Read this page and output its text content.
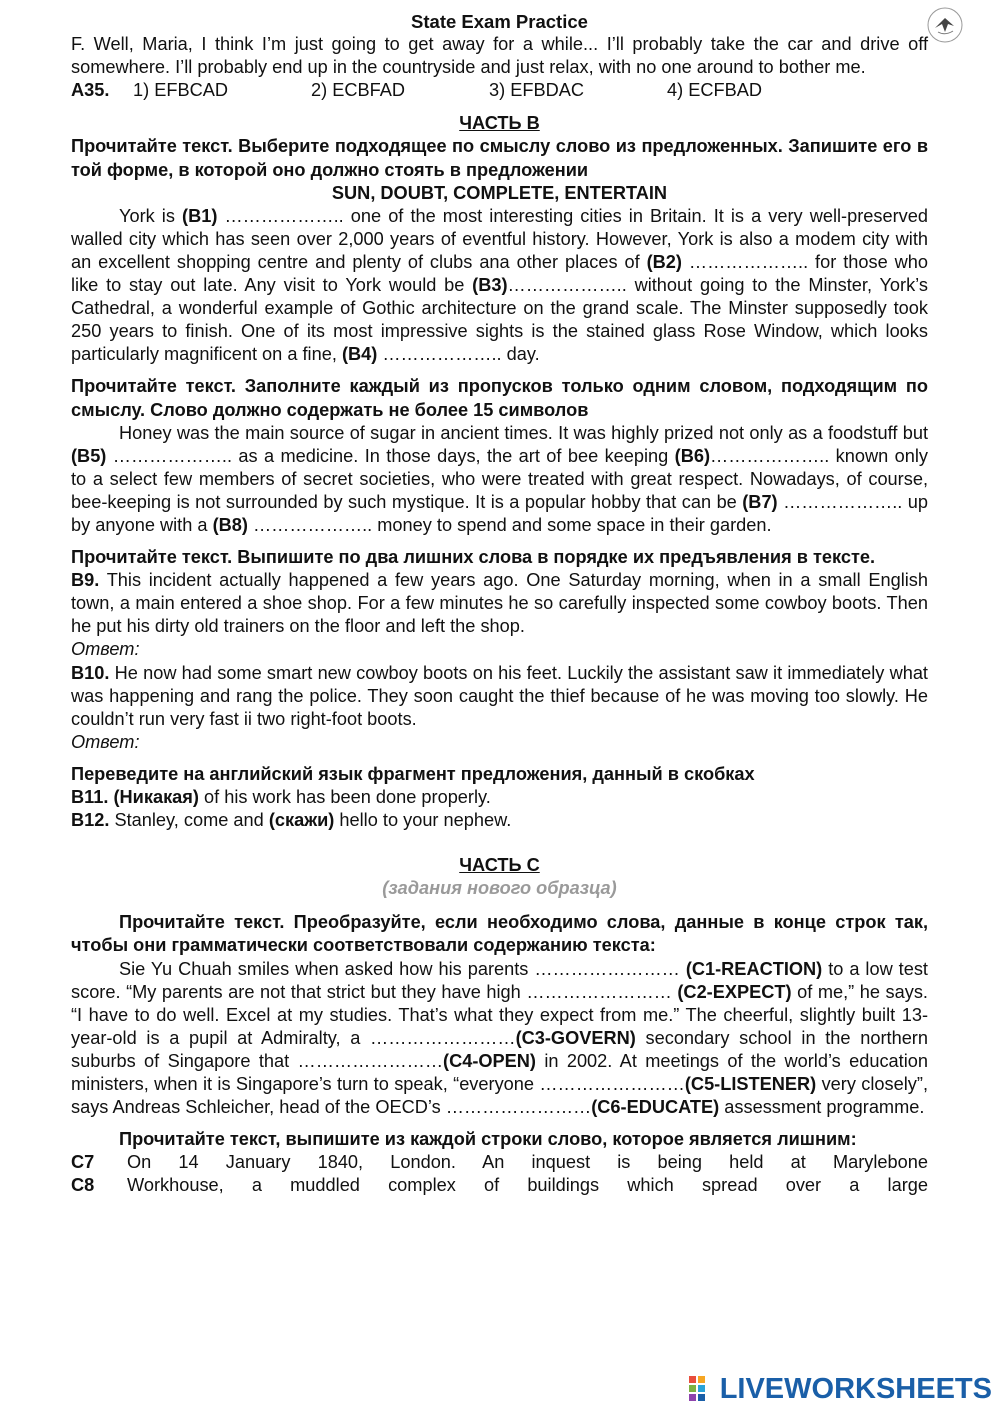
State Exam Practice
F. Well, Maria, I think I’m just going to get away for a while... I’ll probably take the car and drive off somewhere. I’ll probably end up in the countryside and just relax, with no one around to bother me.
A35.	1) EFBCAD	2) ECBFAD	3) EFBDAC	4) ECFBAD
ЧАСТЬ В
Прочитайте текст. Выберите подходящее по смыслу слово из предложенных. Запишите его в той форме, в которой оно должно стоять в предложении
SUN, DOUBT, COMPLETE, ENTERTAIN
York is (B1) ……………….. one of the most interesting cities in Britain. It is a very well-preserved walled city which has seen over 2,000 years of eventful history. However, York is also a modem city with an excellent shopping centre and plenty of clubs ana other places of (B2) ……………….. for those who like to stay out late. Any visit to York would be (B3)……………….. without going to the Minster, York’s Cathedral, a wonderful example of Gothic architecture on the grand scale. The Minster supposedly took 250 years to finish. One of its most impressive sights is the stained glass Rose Window, which looks particularly magnificent on a fine, (B4) ……………….. day.
Прочитайте текст. Заполните каждый из пропусков только одним словом, подходящим по смыслу. Слово должно содержать не более 15 символов
Honey was the main source of sugar in ancient times. It was highly prized not only as a foodstuff but (B5) ……………….. as a medicine. In those days, the art of bee keeping (B6)……………….. known only to a select few members of secret societies, who were treated with great respect. Nowadays, of course, bee-keeping is not surrounded by such mystique. It is a popular hobby that can be (B7) ……………….. up by anyone with a (B8) ……………….. money to spend and some space in their garden.
Прочитайте текст. Выпишите по два лишних слова в порядке их предъявления в тексте.
B9. This incident actually happened a few years ago. One Saturday morning, when in a small English town, a main entered a shoe shop. For a few minutes he so carefully inspected some cowboy boots. Then he put his dirty old trainers on the floor and left the shop.
Ответ:
B10. He now had some smart new cowboy boots on his feet. Luckily the assistant saw it immediately what was happening and rang the police. They soon caught the thief because of he was moving too slowly. He couldn’t run very fast ii two right-foot boots.
Ответ:
Переведите на английский язык фрагмент предложения, данный в скобках
B11. (Никакая) of his work has been done properly.
B12. Stanley, come and (скажи) hello to your nephew.
ЧАСТЬ С
(задания нового образца)
Прочитайте текст. Преобразуйте, если необходимо слова, данные в конце строк так, чтобы они грамматически соответствовали содержанию текста:
Sie Yu Chuah smiles when asked how his parents …………………… (C1-REACTION) to a low test score. “My parents are not that strict but they have high …………………… (C2-EXPECT) of me,” he says. “I have to do well. Excel at my studies. That’s what they expect from me.” The cheerful, slightly built 13-year-old is a pupil at Admiralty, a ……………………(C3-GOVERN) secondary school in the northern suburbs of Singapore that ……………………(C4-OPEN) in 2002. At meetings of the world’s education ministers, when it is Singapore’s turn to speak, “everyone ……………………(C5-LISTENER) very closely”, says Andreas Schleicher, head of the OECD’s ……………………(C6-EDUCATE) assessment programme.
Прочитайте текст, выпишите из каждой строки слово, которое является лишним:
C7	On 14 January 1840, London. An inquest is being held at Marylebone
C8	Workhouse, a muddled complex of buildings which spread over a large
LIVEWORKSHEETS
